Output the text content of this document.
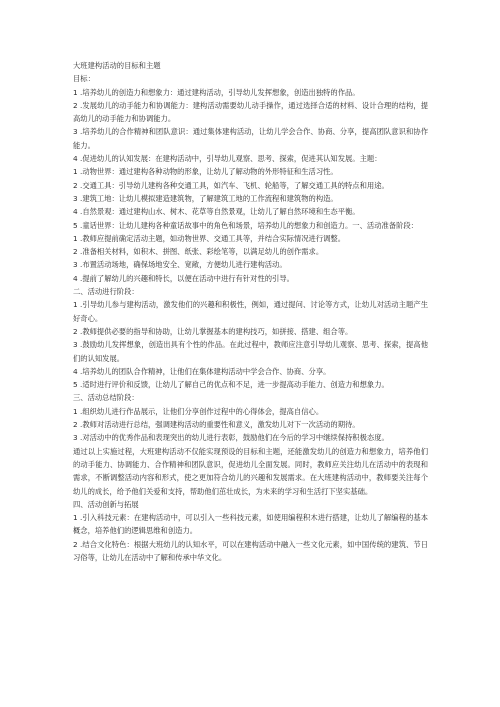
大班建构活动的目标和主题

目标：

1 .培养幼儿的创造力和想象力：通过建构活动，引导幼儿发挥想象，创造出独特的作品。

2 .发展幼儿的动手能力和协调能力：建构活动需要幼儿动手操作，通过选择合适的材料、设计合理的结构，提高幼儿的动手能力和协调能力。

3 .培养幼儿的合作精神和团队意识：通过集体建构活动，让幼儿学会合作、协商、分享，提高团队意识和协作能力。

4 .促进幼儿的认知发展：在建构活动中，引导幼儿观察、思考、探索，促进其认知发展。主题：

1 .动物世界：通过建构各种动物的形象，让幼儿了解动物的外形特征和生活习性。

2 .交通工具：引导幼儿建构各种交通工具，如汽车、飞机、轮船等，了解交通工具的特点和用途。

3 .建筑工地：让幼儿模拟建造建筑物，了解建筑工地的工作流程和建筑物的构造。

4 .自然景观：通过建构山水、树木、花草等自然景观，让幼儿了解自然环境和生态平衡。

5 .童话世界：让幼儿建构各种童话故事中的角色和场景，培养幼儿的想象力和创造力。一、活动准备阶段：

1 .教师应提前确定活动主题，如动物世界、交通工具等，并结合实际情况进行调整。

2 .准备相关材料，如积木、拼图、纸张、彩绘笔等，以满足幼儿的创作需求。

3 .布置活动场地，确保场地安全、宽敞，方便幼儿进行建构活动。

4 .提前了解幼儿的兴趣和特长，以便在活动中进行有针对性的引导。

二、活动进行阶段：

1 .引导幼儿参与建构活动，激发他们的兴趣和积极性，例如，通过提问、讨论等方式，让幼儿对活动主题产生好奇心。

2 .教师提供必要的指导和协助，让幼儿掌握基本的建构技巧，如拼接、搭建、组合等。

3 .鼓励幼儿发挥想象，创造出具有个性的作品。在此过程中，教师应注意引导幼儿观察、思考、探索，提高他们的认知发展。

4 .培养幼儿的团队合作精神，让他们在集体建构活动中学会合作、协商、分享。

5 .适时进行评价和反馈，让幼儿了解自己的优点和不足，进一步提高动手能力、创造力和想象力。

三、活动总结阶段：

1 .组织幼儿进行作品展示，让他们分享创作过程中的心得体会，提高自信心。

2 .教师对活动进行总结，强调建构活动的重要性和意义，激发幼儿对下一次活动的期待。

3 .对活动中的优秀作品和表现突出的幼儿进行表彰，鼓励他们在今后的学习中继续保持积极态度。

通过以上实施过程，大班建构活动不仅能实现预设的目标和主题，还能激发幼儿的创造力和想象力，培养他们的动手能力、协调能力、合作精神和团队意识，促进幼儿全面发展。同时，教师应关注幼儿在活动中的表现和需求，不断调整活动内容和形式，使之更加符合幼儿的兴趣和发展需求。在大班建构活动中，教师要关注每个幼儿的成长，给予他们关爱和支持，帮助他们茁壮成长，为未来的学习和生活打下坚实基础。

四、活动创新与拓展

1 .引入科技元素：在建构活动中，可以引入一些科技元素，如使用编程积木进行搭建，让幼儿了解编程的基本概念，培养他们的逻辑思维和创造力。

2 .结合文化特色：根据大班幼儿的认知水平，可以在建构活动中融入一些文化元素，如中国传统的建筑、节日习俗等，让幼儿在活动中了解和传承中华文化。
